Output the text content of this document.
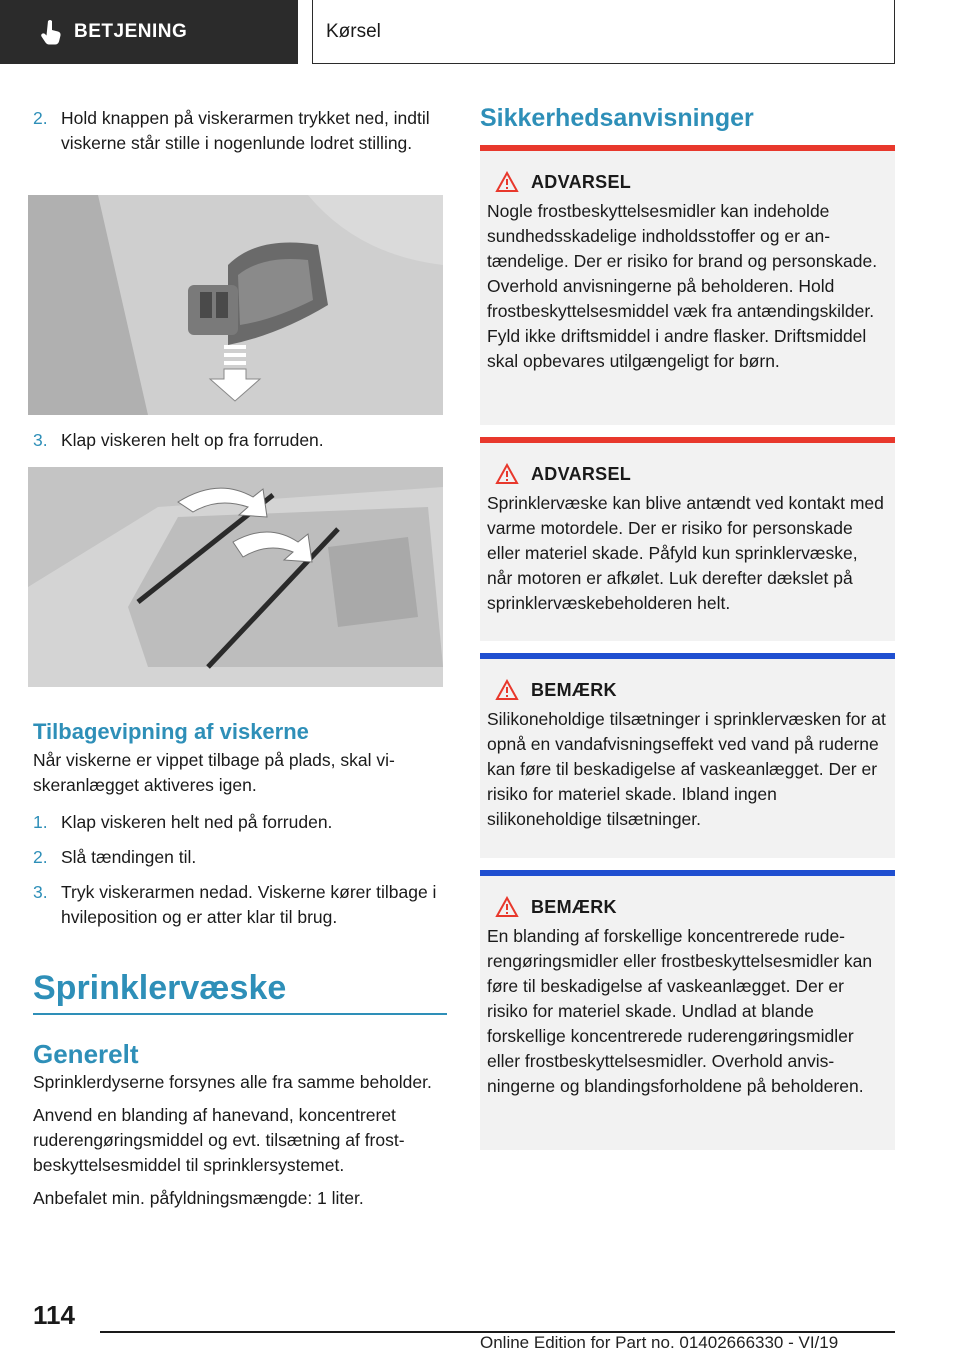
BETJENING	Kørsel
2. Hold knappen på viskerarmen trykket ned, indtil viskerne står stille i nogenlunde lodret stilling.
3. Klap viskeren helt op fra forruden.
Tilbagevipning af viskerne
Når viskerne er vippet tilbage på plads, skal viskeranlægget aktiveres igen.
1. Klap viskeren helt ned på forruden.
2. Slå tændingen til.
3. Tryk viskerarmen nedad. Viskerne kører tilbage i hvileposition og er atter klar til brug.
Sprinklervæske
Generelt
Sprinklerdyserne forsynes alle fra samme beholder.
Anvend en blanding af hanevand, koncentreret ruderengøringsmiddel og evt. tilsætning af frostbeskyttelsesmiddel til sprinklersystemet.
Anbefalet min. påfyldningsmængde: 1 liter.
Sikkerhedsanvisninger
ADVARSEL
Nogle frostbeskyttelsesmidler kan indeholde sundhedsskadelige indholdsstoffer og er antændelige. Der er risiko for brand og personskade. Overhold anvisningerne på beholderen. Hold frostbeskyttelsesmiddel væk fra antændingskilder. Fyld ikke driftsmiddel i andre flasker. Driftsmiddel skal opbevares utilgængeligt for børn.
ADVARSEL
Sprinklervæske kan blive antændt ved kontakt med varme motordele. Der er risiko for personskade eller materiel skade. Påfyld kun sprinklervæske, når motoren er afkølet. Luk derefter dækslet på sprinklervæskebeholderen helt.
BEMÆRK
Silikoneholdige tilsætninger i sprinklervæsken for at opnå en vandafvisningseffekt ved vand på ruderne kan føre til beskadigelse af vaskeanlægget. Der er risiko for materiel skade. Ibland ingen silikoneholdige tilsætninger.
BEMÆRK
En blanding af forskellige koncentrerede ruderengøringsmidler eller frostbeskyttelsesmidler kan føre til beskadigelse af vaskeanlægget. Der er risiko for materiel skade. Undlad at blande forskellige koncentrerede ruderengøringsmidler eller frostbeskyttelsesmidler. Overhold anvisningerne og blandingsforholdene på beholderen.
114
Online Edition for Part no. 01402666330 - VI/19
